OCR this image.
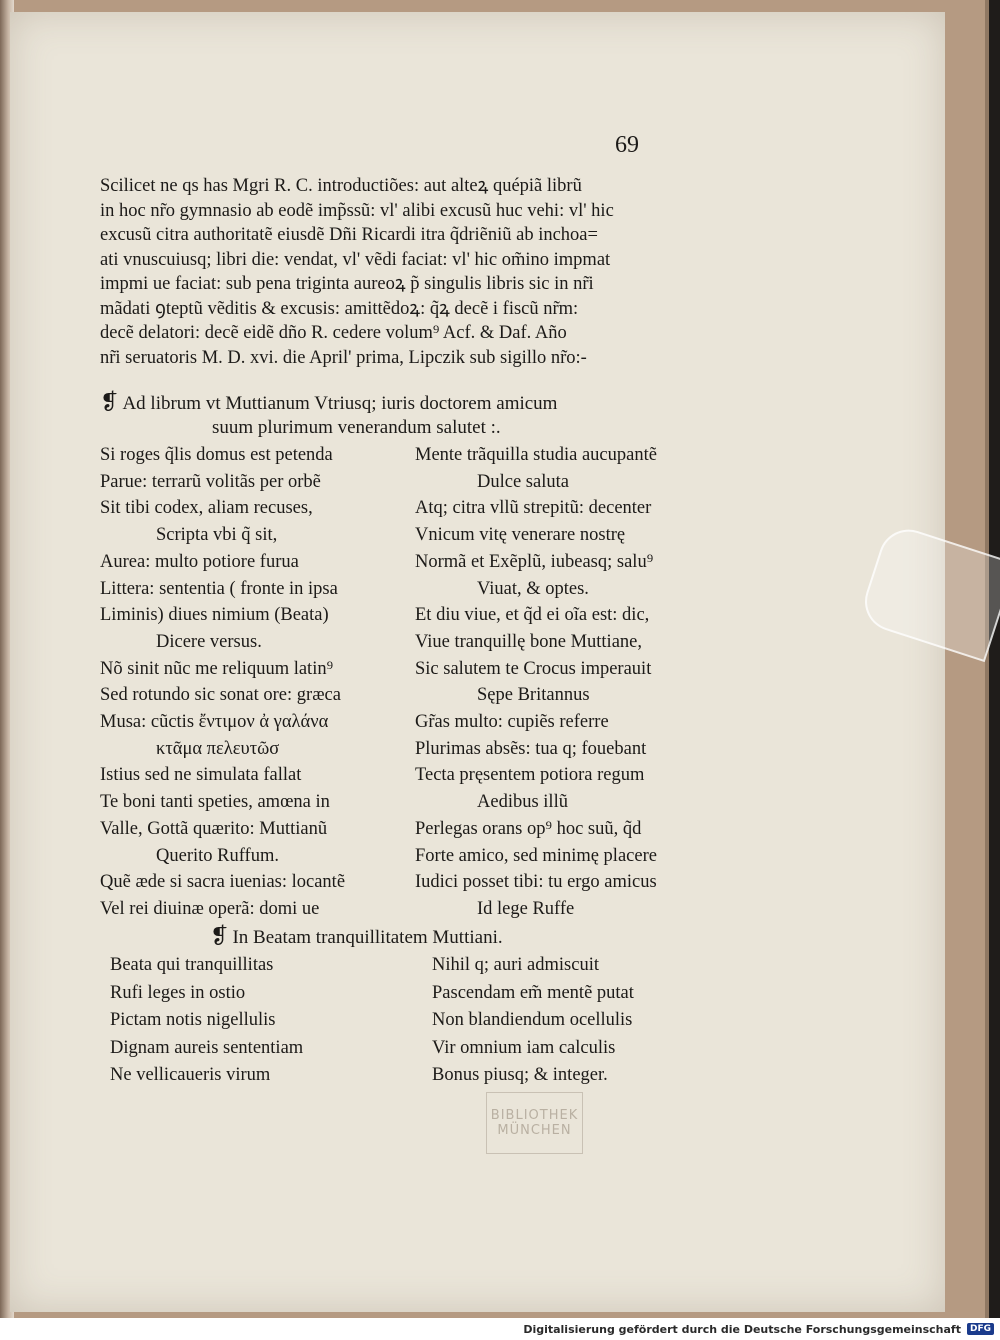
69
Scilicet ne qs has Mgri R. C. introductiões: aut alteꝝ quépiã librũ
in hoc nr̃o gymnasio ab eodẽ imp̃ssũ: vl' alibi excusũ huc vehi: vl' hic
excusũ citra authoritatẽ eiusdẽ Dñi Ricardi itra q̃driẽniũ ab inchoa=
ati vnuscuiusq; libri die: vendat, vl' vẽdi faciat: vl' hic om̃ino impmat
impmi ue faciat: sub pena triginta aureoꝝ p̃ singulis libris sic in nr̃i
mãdati ꝯteptũ vẽditis & excusis: amittẽdoꝝ: q̃ꝝ decẽ i fiscũ nr̃m:
decẽ delatori: decẽ eidẽ dño R. cedere volum⁹ Acf. & Daf. Año
nr̃i seruatoris M. D. xvi. die April' prima, Lipczik sub sigillo nr̃o:-
❡ Ad librum vt Muttianum Vtriusq; iuris doctorem amicum
suum plurimum venerandum salutet :.
Si roges q̃lis domus est petenda
Parue: terrarũ volitãs per orbẽ
Sit tibi codex, aliam recuses,
Scripta vbi q̃ sit,
Aurea: multo potiore furua
Littera: sententia ( fronte in ipsa
Liminis) diues nimium (Beata)
Dicere versus.
Nõ sinit nũc me reliquum latin⁹
Sed rotundo sic sonat ore: græca
Musa: cũctis ἔντιμον ἀ γαλάνα
κτᾶμα πελευτῶσ
Istius sed ne simulata fallat
Te boni tanti speties, amœna in
Valle, Gottã quærito: Muttianũ
Querito Ruffum.
Quẽ æde si sacra iuenias: locantẽ
Vel rei diuinæ operã: domi ue
Mente trãquilla studia aucupantẽ
Dulce saluta
Atq; citra vllũ strepitũ: decenter
Vnicum vitę venerare nostrę
Normã et Exẽplũ, iubeasq; salu⁹
Viuat, & optes.
Et diu viue, et q̃d ei oĩa est: dic,
Viue tranquillę bone Muttiane,
Sic salutem te Crocus imperauit
Sępe Britannus
Gr̃as multo: cupiẽs referre
Plurimas absẽs: tua q; fouebant
Tecta pręsentem potiora regum
Aedibus illũ
Perlegas orans op⁹ hoc suũ, q̃d
Forte amico, sed minimę placere
Iudici posset tibi: tu ergo amicus
Id lege Ruffe
❡ In Beatam tranquillitatem Muttiani.
Beata qui tranquillitas
Rufi leges in ostio
Pictam notis nigellulis
Dignam aureis sententiam
Ne vellicaueris virum
Nihil q; auri admiscuit
Pascendam em̃ mentẽ putat
Non blandiendum ocellulis
Vir omnium iam calculis
Bonus piusq; & integer.
BIBLIOTHEK
MÜNCHEN
Digitalisierung gefördert durch die Deutsche Forschungsgemeinschaft	DFG
